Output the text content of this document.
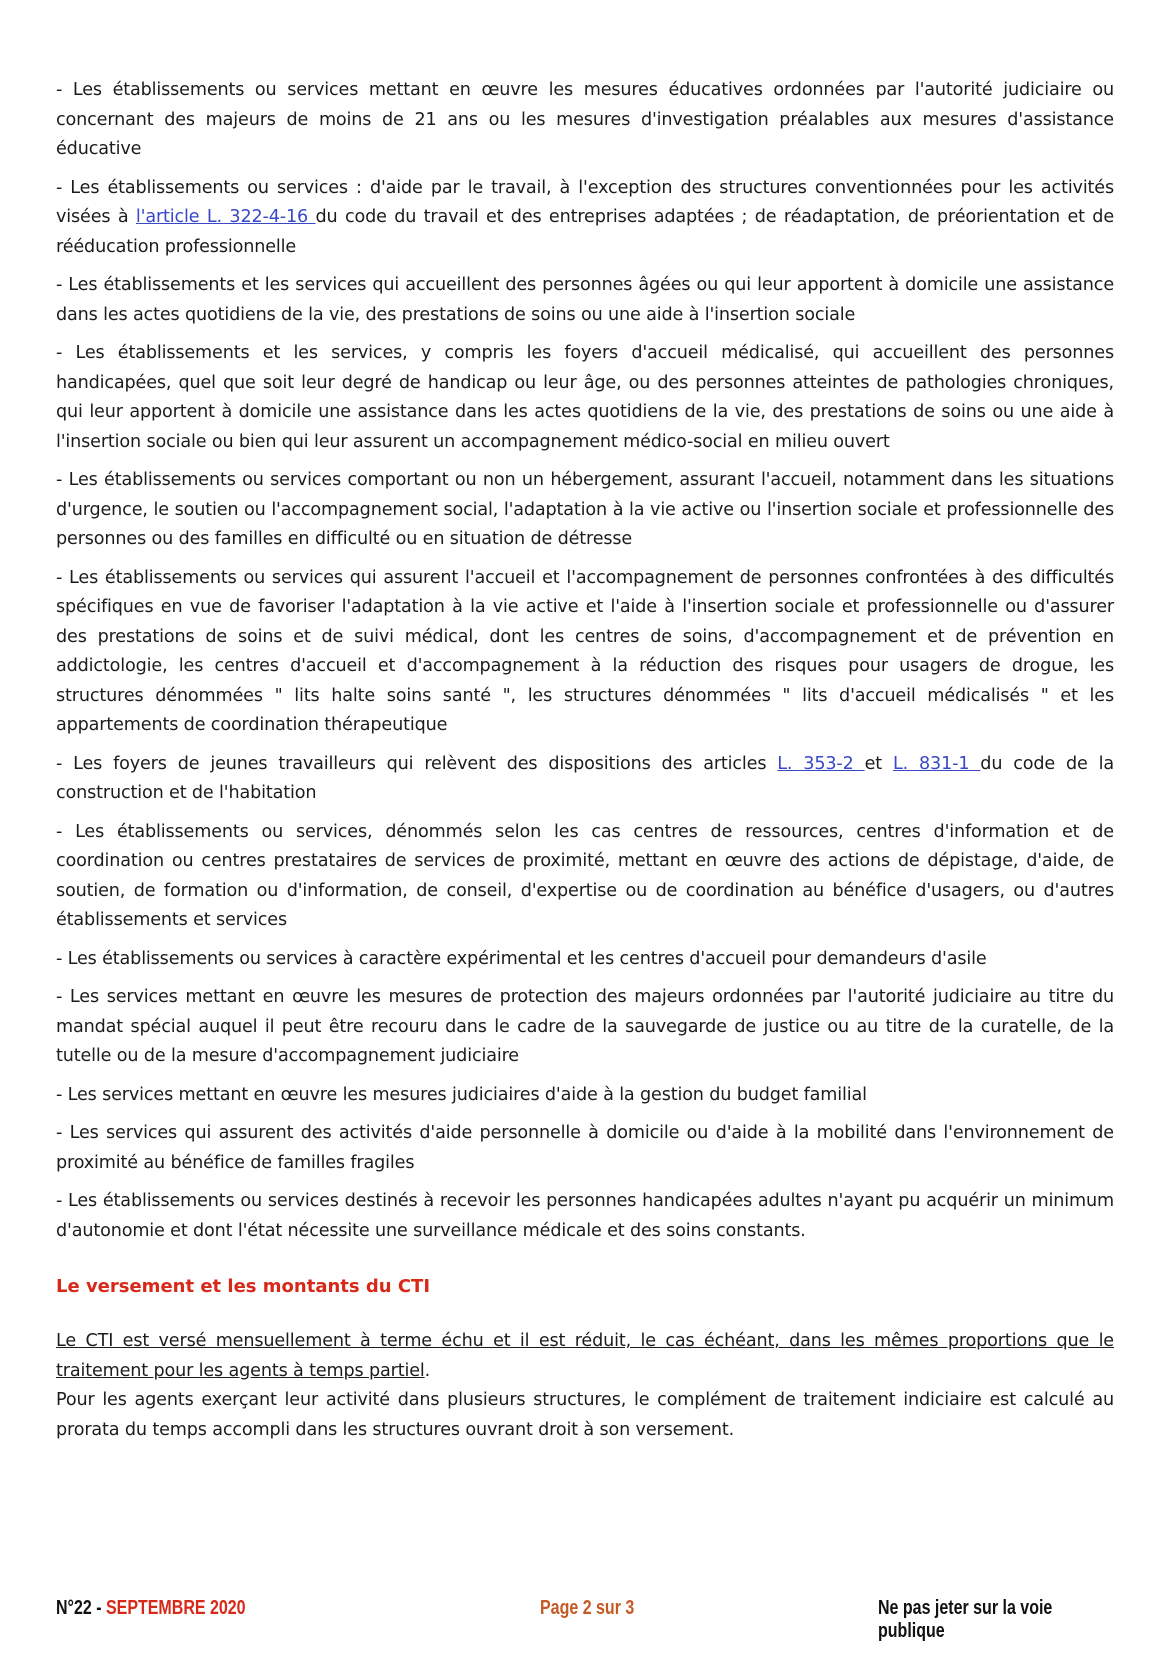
- Les établissements ou services mettant en œuvre les mesures éducatives ordonnées par l'autorité judiciaire ou concernant des majeurs de moins de 21 ans ou les mesures d'investigation préalables aux mesures d'assistance éducative

- Les établissements ou services : d'aide par le travail, à l'exception des structures conventionnées pour les activités visées à l'article L. 322-4-16 du code du travail et des entreprises adaptées ; de réadaptation, de préorientation et de rééducation professionnelle

- Les établissements et les services qui accueillent des personnes âgées ou qui leur apportent à domicile une assistance dans les actes quotidiens de la vie, des prestations de soins ou une aide à l'insertion sociale

- Les établissements et les services, y compris les foyers d'accueil médicalisé, qui accueillent des personnes handicapées, quel que soit leur degré de handicap ou leur âge, ou des personnes atteintes de pathologies chroniques, qui leur apportent à domicile une assistance dans les actes quotidiens de la vie, des prestations de soins ou une aide à l'insertion sociale ou bien qui leur assurent un accompagnement médico-social en milieu ouvert

- Les établissements ou services comportant ou non un hébergement, assurant l'accueil, notamment dans les situations d'urgence, le soutien ou l'accompagnement social, l'adaptation à la vie active ou l'insertion sociale et professionnelle des personnes ou des familles en difficulté ou en situation de détresse

- Les établissements ou services qui assurent l'accueil et l'accompagnement de personnes confrontées à des difficultés spécifiques en vue de favoriser l'adaptation à la vie active et l'aide à l'insertion sociale et professionnelle ou d'assurer des prestations de soins et de suivi médical, dont les centres de soins, d'accompagnement et de prévention en addictologie, les centres d'accueil et d'accompagnement à la réduction des risques pour usagers de drogue, les structures dénommées " lits halte soins santé ", les structures dénommées " lits d'accueil médicalisés " et les appartements de coordination thérapeutique

- Les foyers de jeunes travailleurs qui relèvent des dispositions des articles L. 353-2 et L. 831-1 du code de la construction et de l'habitation

- Les établissements ou services, dénommés selon les cas centres de ressources, centres d'information et de coordination ou centres prestataires de services de proximité, mettant en œuvre des actions de dépistage, d'aide, de soutien, de formation ou d'information, de conseil, d'expertise ou de coordination au bénéfice d'usagers, ou d'autres établissements et services

- Les établissements ou services à caractère expérimental et les centres d'accueil pour demandeurs d'asile

- Les services mettant en œuvre les mesures de protection des majeurs ordonnées par l'autorité judiciaire au titre du mandat spécial auquel il peut être recouru dans le cadre de la sauvegarde de justice ou au titre de la curatelle, de la tutelle ou de la mesure d'accompagnement judiciaire

- Les services mettant en œuvre les mesures judiciaires d'aide à la gestion du budget familial

- Les services qui assurent des activités d'aide personnelle à domicile ou d'aide à la mobilité dans l'environnement de proximité au bénéfice de familles fragiles

- Les établissements ou services destinés à recevoir les personnes handicapées adultes n'ayant pu acquérir un minimum d'autonomie et dont l'état nécessite une surveillance médicale et des soins constants.

Le versement et les montants du CTI

Le CTI est versé mensuellement à terme échu et il est réduit, le cas échéant, dans les mêmes proportions que le traitement pour les agents à temps partiel.

Pour les agents exerçant leur activité dans plusieurs structures, le complément de traitement indiciaire est calculé au prorata du temps accompli dans les structures ouvrant droit à son versement.

N°22 - SEPTEMBRE 2020	Page 2 sur 3	Ne pas jeter sur la voie publique
